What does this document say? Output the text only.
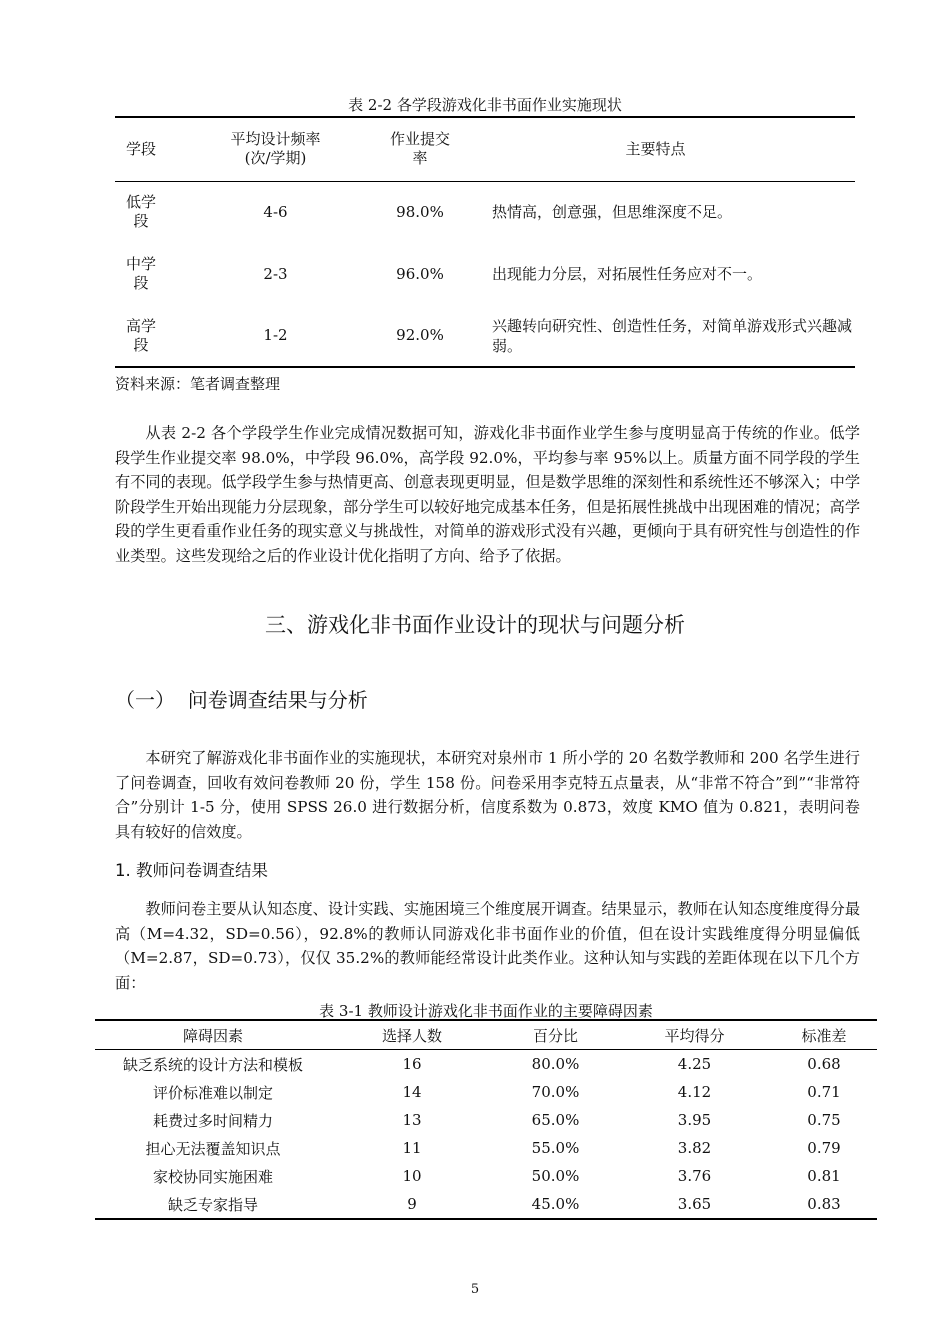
表 2-2 各学段游戏化非书面作业实施现状
学段	平均设计频率(次/学期)	作业提交率	主要特点

低学段	4-6	98.0%	热情高，创意强，但思维深度不足。

中学段	2-3	96.0%	出现能力分层，对拓展性任务应对不一。

高学段	1-2	92.0%	兴趣转向研究性、创造性任务，对简单游戏形式兴趣减弱。
资料来源：笔者调查整理

从表 2-2 各个学段学生作业完成情况数据可知，游戏化非书面作业学生参与度明显高于传统的作业。低学段学生作业提交率 98.0%，中学段 96.0%，高学段 92.0%，平均参与率 95%以上。质量方面不同学段的学生有不同的表现。低学段学生参与热情更高、创意表现更明显，但是数学思维的深刻性和系统性还不够深入；中学阶段学生开始出现能力分层现象，部分学生可以较好地完成基本任务，但是拓展性挑战中出现困难的情况；高学段的学生更看重作业任务的现实意义与挑战性，对简单的游戏形式没有兴趣，更倾向于具有研究性与创造性的作业类型。这些发现给之后的作业设计优化指明了方向、给予了依据。

三、游戏化非书面作业设计的现状与问题分析
（一）  问卷调查结果与分析

本研究了解游戏化非书面作业的实施现状，本研究对泉州市 1 所小学的 20 名数学教师和 200 名学生进行了问卷调查，回收有效问卷教师 20 份，学生 158 份。问卷采用李克特五点量表，从“非常不符合”到”“非常符合”分别计 1-5 分，使用 SPSS 26.0 进行数据分析，信度系数为 0.873，效度 KMO 值为 0.821，表明问卷具有较好的信效度。

1. 教师问卷调查结果

教师问卷主要从认知态度、设计实践、实施困境三个维度展开调查。结果显示，教师在认知态度维度得分最高（M=4.32，SD=0.56），92.8%的教师认同游戏化非书面作业的价值，但在设计实践维度得分明显偏低（M=2.87，SD=0.73），仅仅 35.2%的教师能经常设计此类作业。这种认知与实践的差距体现在以下几个方面：

表 3-1 教师设计游戏化非书面作业的主要障碍因素
障碍因素	选择人数	百分比	平均得分	标准差
缺乏系统的设计方法和模板	16	80.0%	4.25	0.68
评价标准难以制定	14	70.0%	4.12	0.71
耗费过多时间精力	13	65.0%	3.95	0.75
担心无法覆盖知识点	11	55.0%	3.82	0.79
家校协同实施困难	10	50.0%	3.76	0.81
缺乏专家指导	9	45.0%	3.65	0.83
5
